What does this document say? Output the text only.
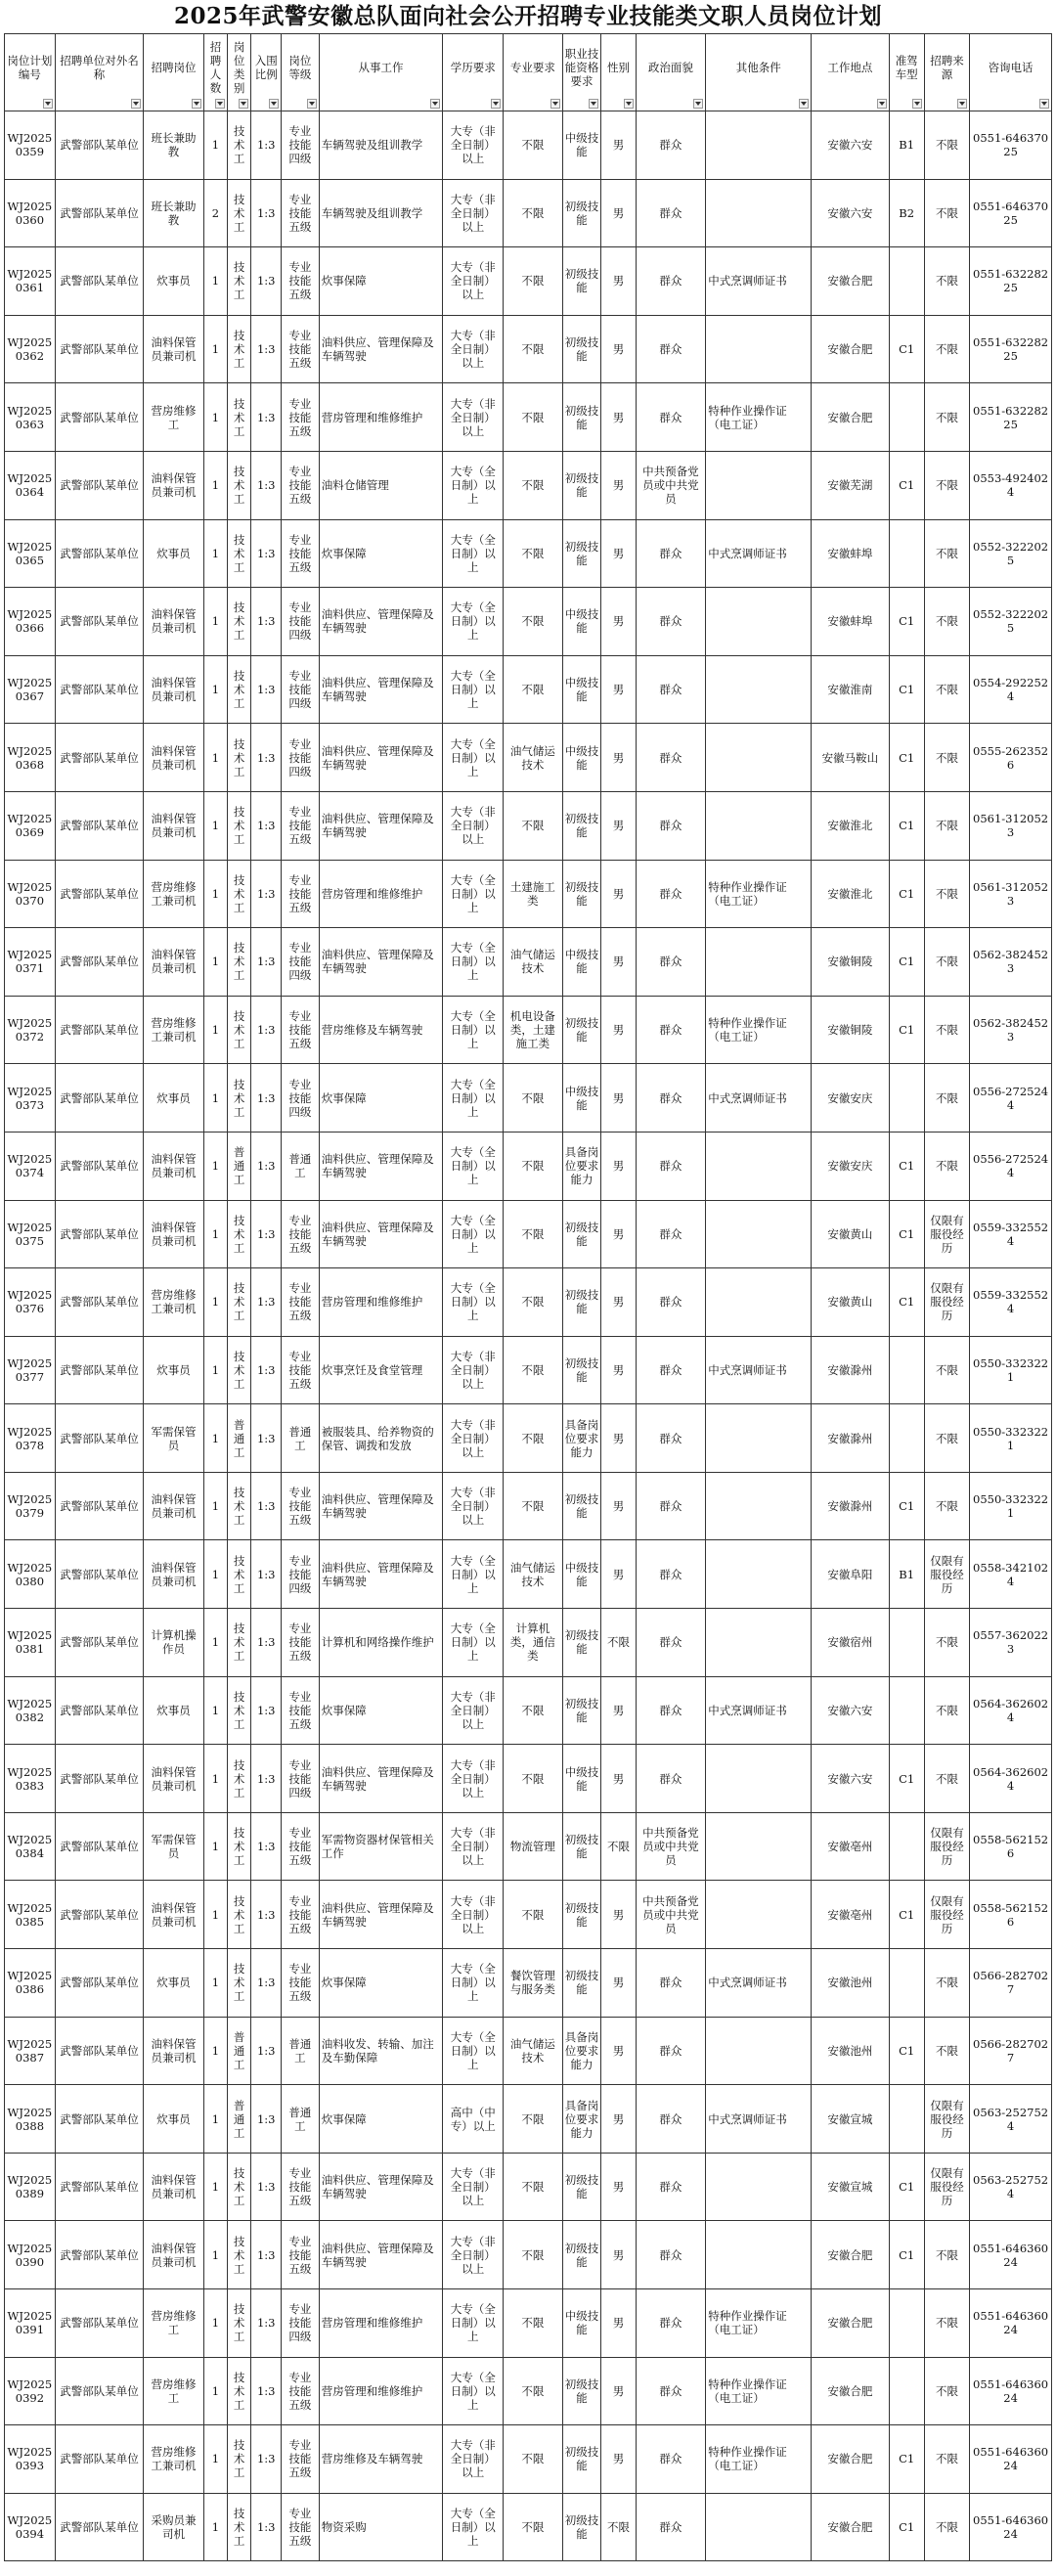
2025年武警安徽总队面向社会公开招聘专业技能类文职人员岗位计划
岗位计划编号	招聘单位对外名称	招聘岗位	招聘人数	岗位类别	入围比例	岗位等级	从事工作	学历要求	专业要求	职业技能资格要求	性别	政治面貌	其他条件	工作地点	准驾车型	招聘来源	咨询电话

WJ20250359	武警部队某单位	班长兼助教	1	技术工	1:3	专业技能四级	车辆驾驶及组训教学	大专（非全日制）以上	不限	中级技能	男	群众		安徽六安	B1	不限	0551-64637025
WJ20250360	武警部队某单位	班长兼助教	2	技术工	1:3	专业技能五级	车辆驾驶及组训教学	大专（非全日制）以上	不限	初级技能	男	群众		安徽六安	B2	不限	0551-64637025
WJ20250361	武警部队某单位	炊事员	1	技术工	1:3	专业技能五级	炊事保障	大专（非全日制）以上	不限	初级技能	男	群众	中式烹调师证书	安徽合肥		不限	0551-63228225
WJ20250362	武警部队某单位	油料保管员兼司机	1	技术工	1:3	专业技能五级	油料供应、管理保障及车辆驾驶	大专（非全日制）以上	不限	初级技能	男	群众		安徽合肥	C1	不限	0551-63228225
WJ20250363	武警部队某单位	营房维修工	1	技术工	1:3	专业技能五级	营房管理和维修维护	大专（非全日制）以上	不限	初级技能	男	群众	特种作业操作证（电工证）	安徽合肥		不限	0551-63228225
WJ20250364	武警部队某单位	油料保管员兼司机	1	技术工	1:3	专业技能五级	油料仓储管理	大专（全日制）以上	不限	初级技能	男	中共预备党员或中共党员		安徽芜湖	C1	不限	0553-4924024
WJ20250365	武警部队某单位	炊事员	1	技术工	1:3	专业技能五级	炊事保障	大专（全日制）以上	不限	初级技能	男	群众	中式烹调师证书	安徽蚌埠		不限	0552-3222025
WJ20250366	武警部队某单位	油料保管员兼司机	1	技术工	1:3	专业技能四级	油料供应、管理保障及车辆驾驶	大专（全日制）以上	不限	中级技能	男	群众		安徽蚌埠	C1	不限	0552-3222025
WJ20250367	武警部队某单位	油料保管员兼司机	1	技术工	1:3	专业技能四级	油料供应、管理保障及车辆驾驶	大专（全日制）以上	不限	中级技能	男	群众		安徽淮南	C1	不限	0554-2922524
WJ20250368	武警部队某单位	油料保管员兼司机	1	技术工	1:3	专业技能四级	油料供应、管理保障及车辆驾驶	大专（全日制）以上	油气储运技术	中级技能	男	群众		安徽马鞍山	C1	不限	0555-2623526
WJ20250369	武警部队某单位	油料保管员兼司机	1	技术工	1:3	专业技能五级	油料供应、管理保障及车辆驾驶	大专（非全日制）以上	不限	初级技能	男	群众		安徽淮北	C1	不限	0561-3120523
WJ20250370	武警部队某单位	营房维修工兼司机	1	技术工	1:3	专业技能五级	营房管理和维修维护	大专（全日制）以上	土建施工类	初级技能	男	群众	特种作业操作证（电工证）	安徽淮北	C1	不限	0561-3120523
WJ20250371	武警部队某单位	油料保管员兼司机	1	技术工	1:3	专业技能四级	油料供应、管理保障及车辆驾驶	大专（全日制）以上	油气储运技术	中级技能	男	群众		安徽铜陵	C1	不限	0562-3824523
WJ20250372	武警部队某单位	营房维修工兼司机	1	技术工	1:3	专业技能五级	营房维修及车辆驾驶	大专（全日制）以上	机电设备类，土建施工类	初级技能	男	群众	特种作业操作证（电工证）	安徽铜陵	C1	不限	0562-3824523
WJ20250373	武警部队某单位	炊事员	1	技术工	1:3	专业技能四级	炊事保障	大专（全日制）以上	不限	中级技能	男	群众	中式烹调师证书	安徽安庆		不限	0556-2725244
WJ20250374	武警部队某单位	油料保管员兼司机	1	普通工	1:3	普通工	油料供应、管理保障及车辆驾驶	大专（全日制）以上	不限	具备岗位要求能力	男	群众		安徽安庆	C1	不限	0556-2725244
WJ20250375	武警部队某单位	油料保管员兼司机	1	技术工	1:3	专业技能五级	油料供应、管理保障及车辆驾驶	大专（全日制）以上	不限	初级技能	男	群众		安徽黄山	C1	仅限有服役经历	0559-3325524
WJ20250376	武警部队某单位	营房维修工兼司机	1	技术工	1:3	专业技能五级	营房管理和维修维护	大专（全日制）以上	不限	初级技能	男	群众		安徽黄山	C1	仅限有服役经历	0559-3325524
WJ20250377	武警部队某单位	炊事员	1	技术工	1:3	专业技能五级	炊事烹饪及食堂管理	大专（非全日制）以上	不限	初级技能	男	群众	中式烹调师证书	安徽滁州		不限	0550-3323221
WJ20250378	武警部队某单位	军需保管员	1	普通工	1:3	普通工	被服装具、给养物资的保管、调拨和发放	大专（非全日制）以上	不限	具备岗位要求能力	男	群众		安徽滁州		不限	0550-3323221
WJ20250379	武警部队某单位	油料保管员兼司机	1	技术工	1:3	专业技能五级	油料供应、管理保障及车辆驾驶	大专（非全日制）以上	不限	初级技能	男	群众		安徽滁州	C1	不限	0550-3323221
WJ20250380	武警部队某单位	油料保管员兼司机	1	技术工	1:3	专业技能四级	油料供应、管理保障及车辆驾驶	大专（全日制）以上	油气储运技术	中级技能	男	群众		安徽阜阳	B1	仅限有服役经历	0558-3421024
WJ20250381	武警部队某单位	计算机操作员	1	技术工	1:3	专业技能五级	计算机和网络操作维护	大专（全日制）以上	计算机类，通信类	初级技能	不限	群众		安徽宿州		不限	0557-3620223
WJ20250382	武警部队某单位	炊事员	1	技术工	1:3	专业技能五级	炊事保障	大专（非全日制）以上	不限	初级技能	男	群众	中式烹调师证书	安徽六安		不限	0564-3626024
WJ20250383	武警部队某单位	油料保管员兼司机	1	技术工	1:3	专业技能四级	油料供应、管理保障及车辆驾驶	大专（非全日制）以上	不限	中级技能	男	群众		安徽六安	C1	不限	0564-3626024
WJ20250384	武警部队某单位	军需保管员	1	技术工	1:3	专业技能五级	军需物资器材保管相关工作	大专（非全日制）以上	物流管理	初级技能	不限	中共预备党员或中共党员		安徽亳州		仅限有服役经历	0558-5621526
WJ20250385	武警部队某单位	油料保管员兼司机	1	技术工	1:3	专业技能五级	油料供应、管理保障及车辆驾驶	大专（非全日制）以上	不限	初级技能	男	中共预备党员或中共党员		安徽亳州	C1	仅限有服役经历	0558-5621526
WJ20250386	武警部队某单位	炊事员	1	技术工	1:3	专业技能五级	炊事保障	大专（全日制）以上	餐饮管理与服务类	初级技能	男	群众	中式烹调师证书	安徽池州		不限	0566-2827027
WJ20250387	武警部队某单位	油料保管员兼司机	1	普通工	1:3	普通工	油料收发、转输、加注及车勤保障	大专（全日制）以上	油气储运技术	具备岗位要求能力	男	群众		安徽池州	C1	不限	0566-2827027
WJ20250388	武警部队某单位	炊事员	1	普通工	1:3	普通工	炊事保障	高中（中专）以上	不限	具备岗位要求能力	男	群众	中式烹调师证书	安徽宣城		仅限有服役经历	0563-2527524
WJ20250389	武警部队某单位	油料保管员兼司机	1	技术工	1:3	专业技能五级	油料供应、管理保障及车辆驾驶	大专（非全日制）以上	不限	初级技能	男	群众		安徽宣城	C1	仅限有服役经历	0563-2527524
WJ20250390	武警部队某单位	油料保管员兼司机	1	技术工	1:3	专业技能五级	油料供应、管理保障及车辆驾驶	大专（非全日制）以上	不限	初级技能	男	群众		安徽合肥	C1	不限	0551-64636024
WJ20250391	武警部队某单位	营房维修工	1	技术工	1:3	专业技能四级	营房管理和维修维护	大专（全日制）以上	不限	中级技能	男	群众	特种作业操作证（电工证）	安徽合肥		不限	0551-64636024
WJ20250392	武警部队某单位	营房维修工	1	技术工	1:3	专业技能五级	营房管理和维修维护	大专（全日制）以上	不限	初级技能	男	群众	特种作业操作证（电工证）	安徽合肥		不限	0551-64636024
WJ20250393	武警部队某单位	营房维修工兼司机	1	技术工	1:3	专业技能五级	营房维修及车辆驾驶	大专（非全日制）以上	不限	初级技能	男	群众	特种作业操作证（电工证）	安徽合肥	C1	不限	0551-64636024
WJ20250394	武警部队某单位	采购员兼司机	1	技术工	1:3	专业技能五级	物资采购	大专（全日制）以上	不限	初级技能	不限	群众		安徽合肥	C1	不限	0551-64636024
